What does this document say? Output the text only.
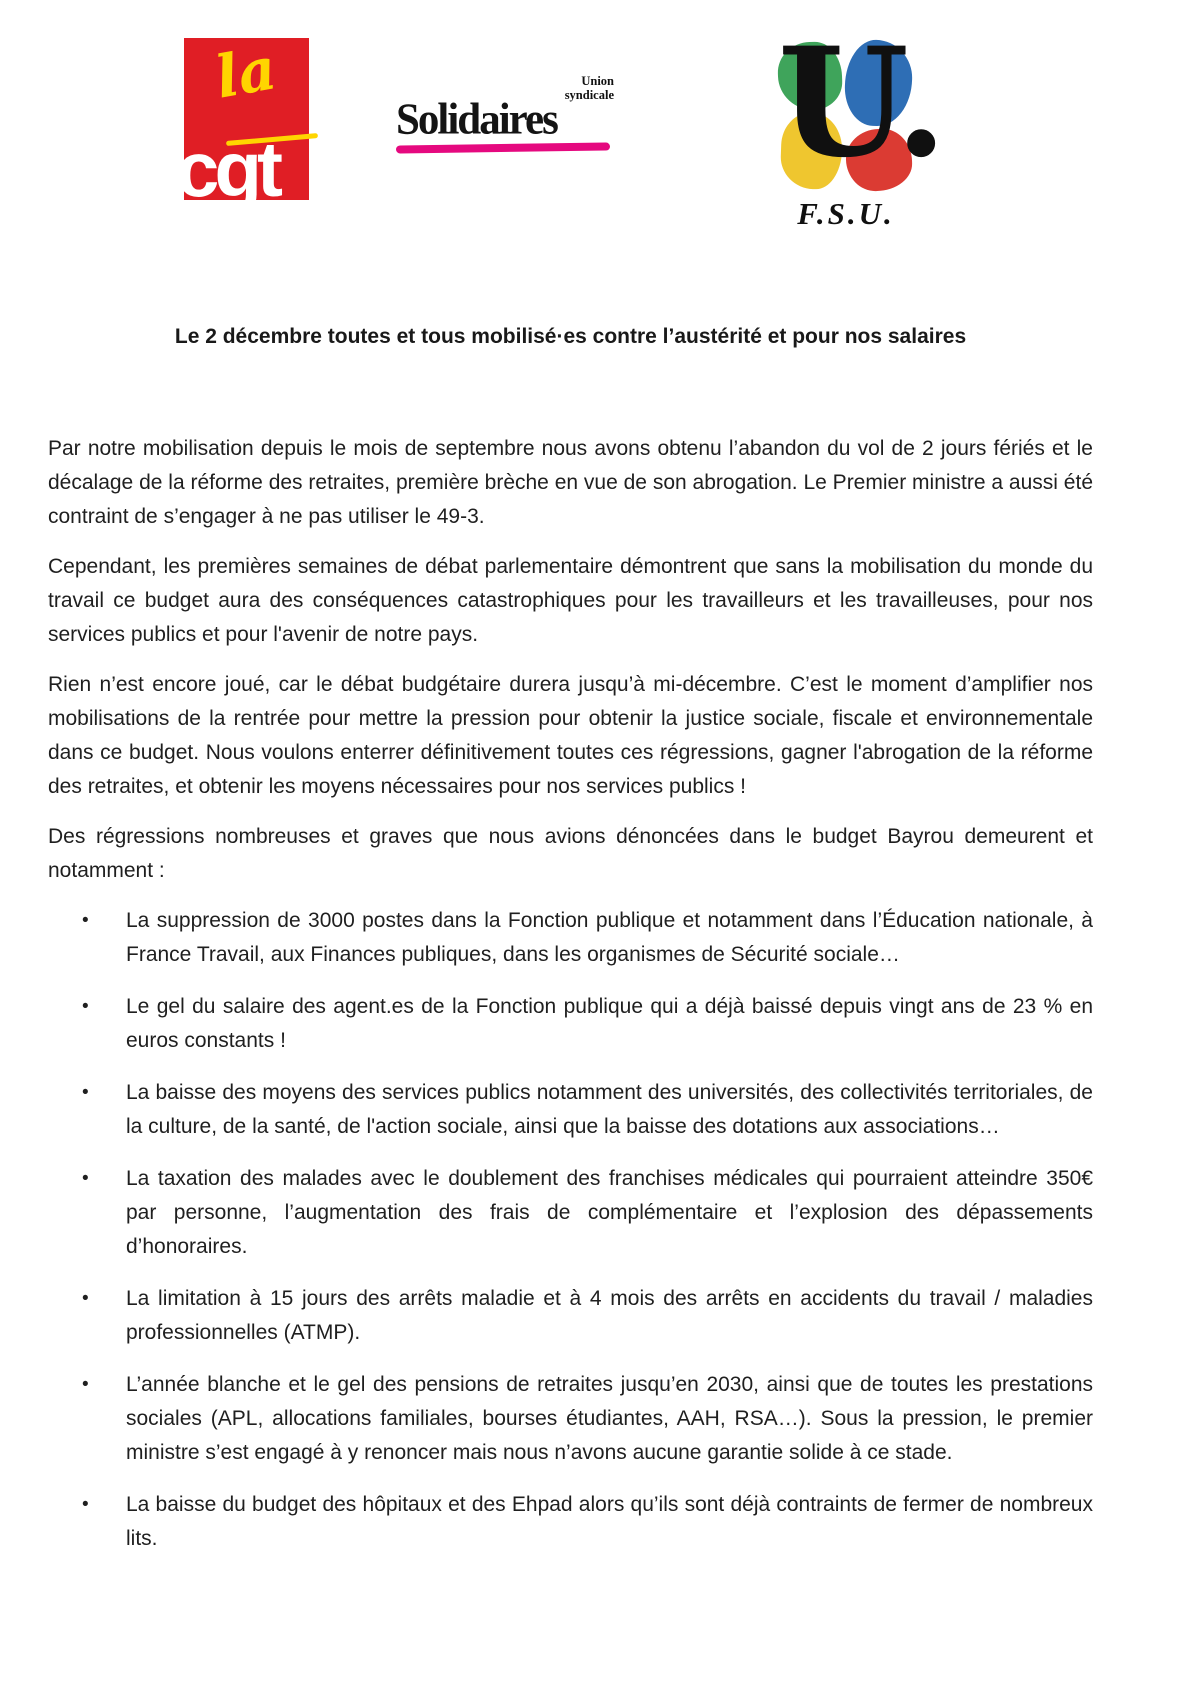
la
cgt
Union
syndicale
Solidaires	U.
F.S.U.
Le 2 décembre toutes et tous mobilisé·es contre l’austérité et pour nos salaires

Par notre mobilisation depuis le mois de septembre nous avons obtenu l’abandon du vol de 2 jours fériés et le décalage de la réforme des retraites, première brèche en vue de son abrogation. Le Premier ministre a aussi été contraint de s’engager à ne pas utiliser le 49-3.

Cependant, les premières semaines de débat parlementaire démontrent que sans la mobilisation du monde du travail ce budget aura des conséquences catastrophiques pour les travailleurs et les travailleuses, pour nos services publics et pour l'avenir de notre pays.

Rien n’est encore joué, car le débat budgétaire durera jusqu’à mi-décembre. C’est le moment d’amplifier nos mobilisations de la rentrée pour mettre la pression pour obtenir la justice sociale, fiscale et environnementale dans ce budget. Nous voulons enterrer définitivement toutes ces régressions, gagner l'abrogation de la réforme des retraites, et obtenir les moyens nécessaires pour nos services publics !

Des régressions nombreuses et graves que nous avions dénoncées dans le budget Bayrou demeurent et notamment :

•	La suppression de 3000 postes dans la Fonction publique et notamment dans l’Éducation nationale, à France Travail, aux Finances publiques, dans les organismes de Sécurité sociale…
•	Le gel du salaire des agent.es de la Fonction publique qui a déjà baissé depuis vingt ans de 23 % en euros constants !
•	La baisse des moyens des services publics notamment des universités, des collectivités territoriales, de la culture, de la santé, de l'action sociale, ainsi que la baisse des dotations aux associations…
•	La taxation des malades avec le doublement des franchises médicales qui pourraient atteindre 350€ par personne, l’augmentation des frais de complémentaire et l’explosion des dépassements d’honoraires.
•	La limitation à 15 jours des arrêts maladie et à 4 mois des arrêts en accidents du travail / maladies professionnelles (ATMP).
•	L’année blanche et le gel des pensions de retraites jusqu’en 2030, ainsi que de toutes les prestations sociales (APL, allocations familiales, bourses étudiantes, AAH, RSA…). Sous la pression, le premier ministre s’est engagé à y renoncer mais nous n’avons aucune garantie solide à ce stade.
•	La baisse du budget des hôpitaux et des Ehpad alors qu’ils sont déjà contraints de fermer de nombreux lits.
